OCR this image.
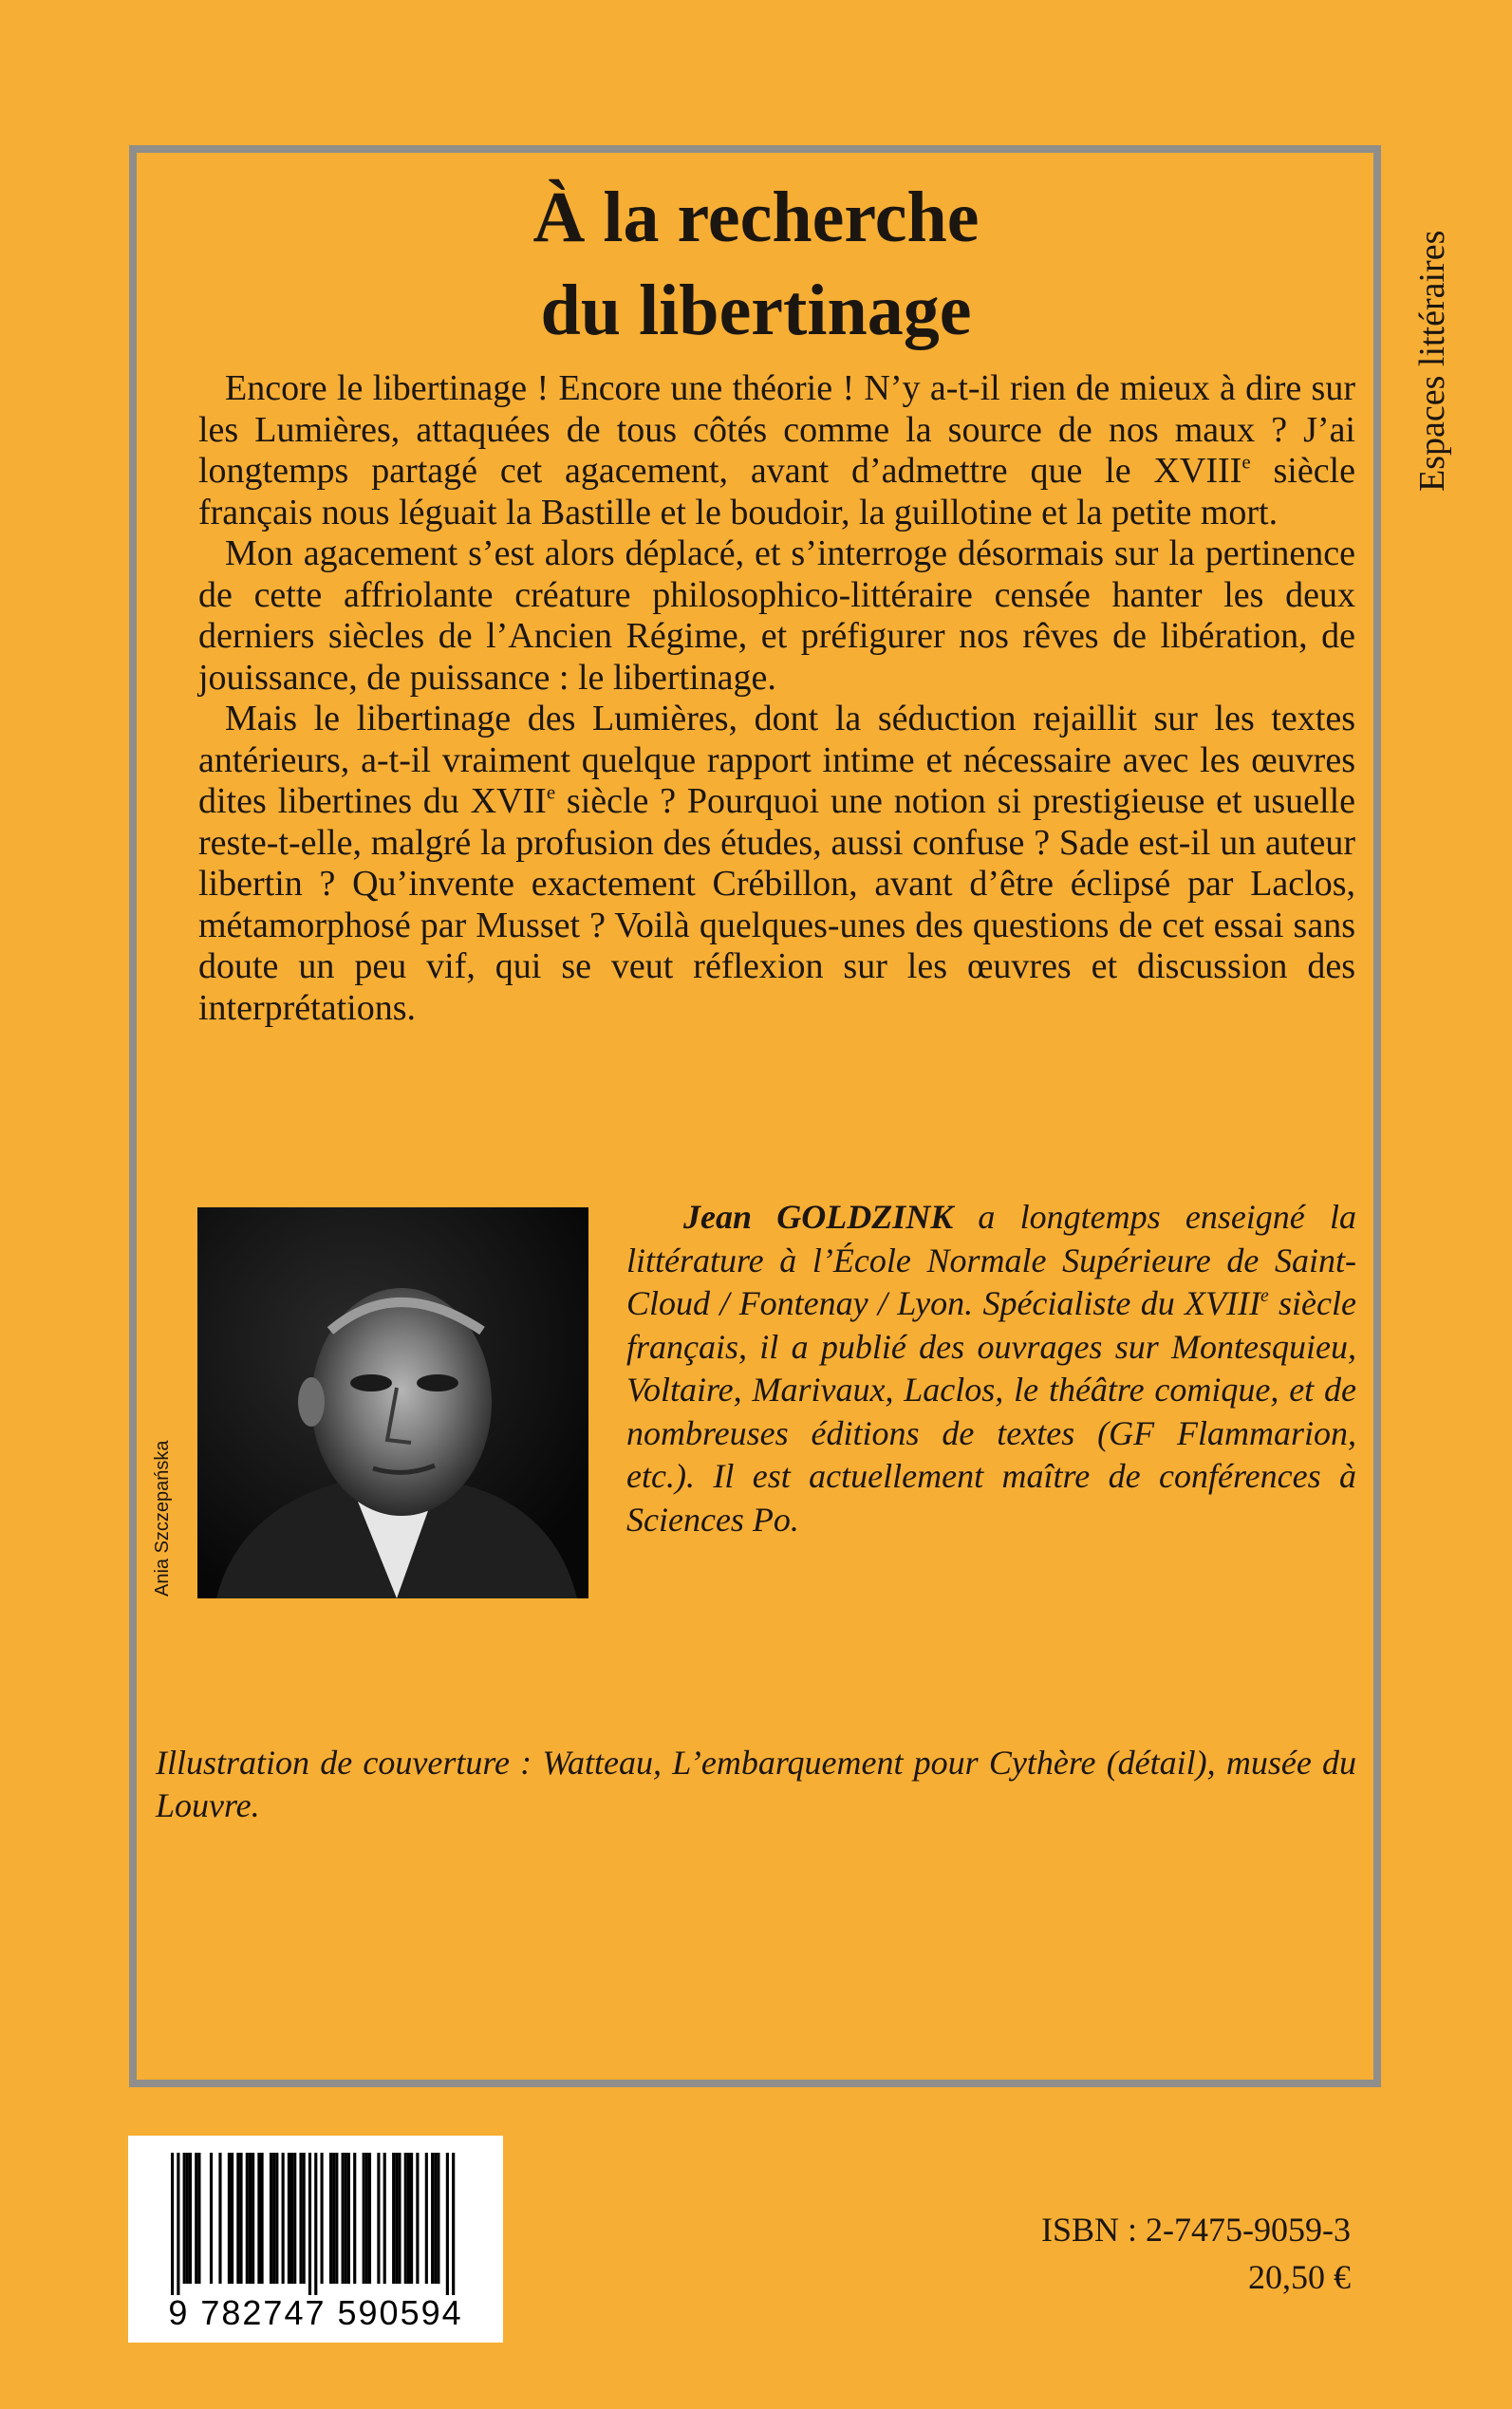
Espaces littéraires
À la recherche
du libertinage

Encore le libertinage ! Encore une théorie ! N’y a-t-il rien de mieux à dire sur les Lumières, attaquées de tous côtés comme la source de nos maux ? J’ai longtemps partagé cet agacement, avant d’admettre que le XVIIIe siècle français nous léguait la Bastille et le boudoir, la guillotine et la petite mort.

Mon agacement s’est alors déplacé, et s’interroge désormais sur la pertinence de cette affriolante créature philosophico-littéraire censée hanter les deux derniers siècles de l’Ancien Régime, et préfigurer nos rêves de libération, de jouissance, de puissance : le libertinage.

Mais le libertinage des Lumières, dont la séduction rejaillit sur les textes antérieurs, a-t-il vraiment quelque rapport intime et nécessaire avec les œuvres dites libertines du XVIIe siècle ? Pourquoi une notion si prestigieuse et usuelle reste-t-elle, malgré la profusion des études, aussi confuse ? Sade est-il un auteur libertin ? Qu’invente exactement Crébillon, avant d’être éclipsé par Laclos, métamorphosé par Musset ? Voilà quelques-unes des questions de cet essai sans doute un peu vif, qui se veut réflexion sur les œuvres et discussion des interprétations.

Ania Szczepańska

Jean GOLDZINK a longtemps enseigné la littérature à l’École Normale Supérieure de Saint-Cloud / Fontenay / Lyon. Spécialiste du XVIIIe siècle français, il a publié des ouvrages sur Montesquieu, Voltaire, Marivaux, Laclos, le théâtre comique, et de nombreuses éditions de textes (GF Flammarion, etc.). Il est actuellement maître de conférences à Sciences Po.

Illustration de couverture : Watteau, L’embarquement pour Cythère (détail), musée du Louvre.
9 782747 590594
ISBN : 2-7475-9059-3
20,50 €
